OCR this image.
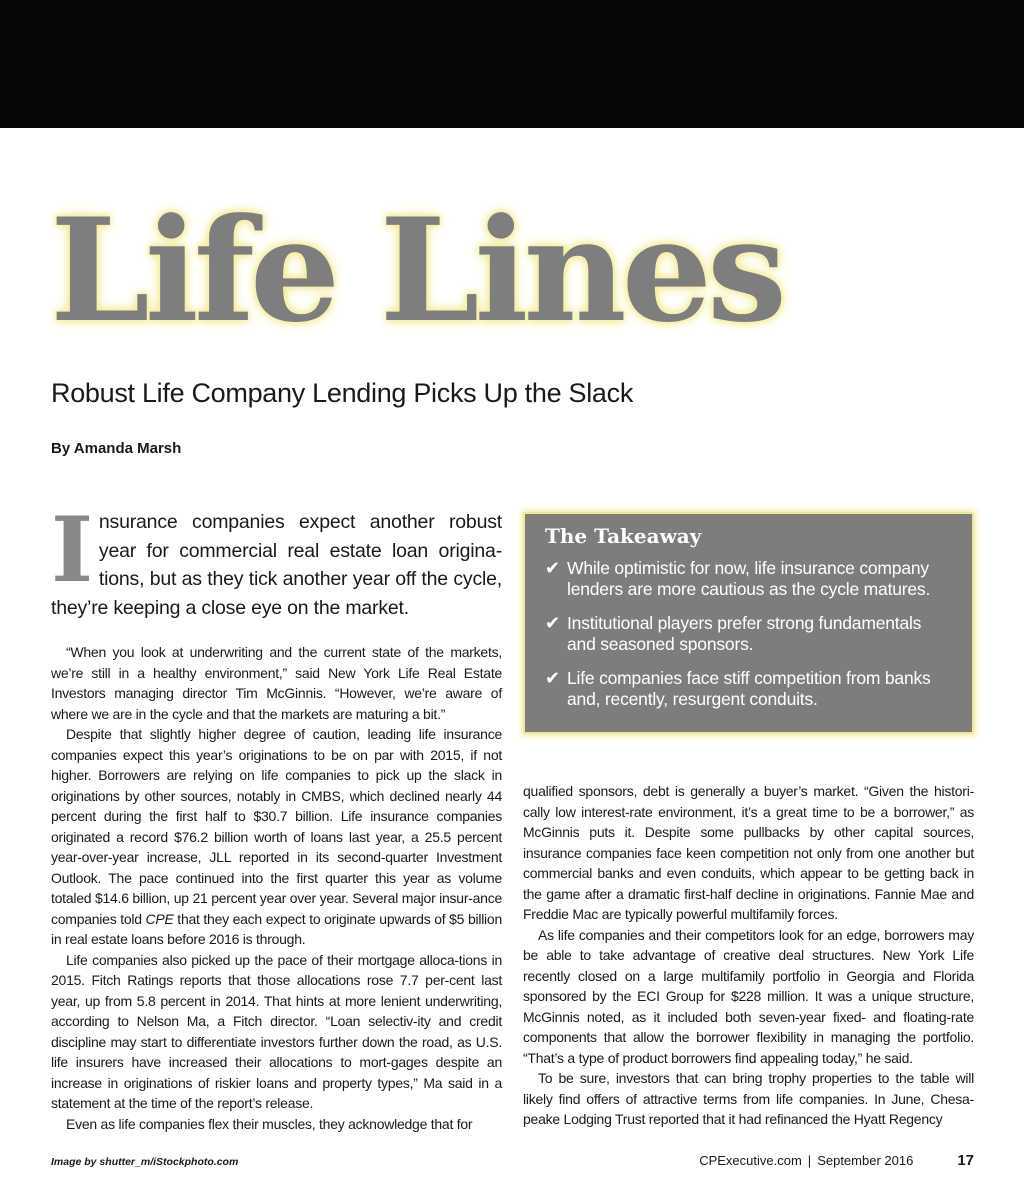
Life Lines
Robust Life Company Lending Picks Up the Slack
By Amanda Marsh

Insurance companies expect another robust year for commercial real estate loan origina-tions, but as they tick another year off the cycle, they’re keeping a close eye on the market.

“When you look at underwriting and the current state of the markets, we’re still in a healthy environment,” said New York Life Real Estate Investors managing director Tim McGinnis. “However, we’re aware of where we are in the cycle and that the markets are maturing a bit.”

Despite that slightly higher degree of caution, leading life insurance companies expect this year’s originations to be on par with 2015, if not higher. Borrowers are relying on life companies to pick up the slack in originations by other sources, notably in CMBS, which declined nearly 44 percent during the first half to $30.7 billion. Life insurance companies originated a record $76.2 billion worth of loans last year, a 25.5 percent year-over-year increase, JLL reported in its second-quarter Investment Outlook. The pace continued into the first quarter this year as volume totaled $14.6 billion, up 21 percent year over year. Several major insur-ance companies told CPE that they each expect to originate upwards of $5 billion in real estate loans before 2016 is through.

Life companies also picked up the pace of their mortgage alloca-tions in 2015. Fitch Ratings reports that those allocations rose 7.7 per-cent last year, up from 5.8 percent in 2014. That hints at more lenient underwriting, according to Nelson Ma, a Fitch director. “Loan selectiv-ity and credit discipline may start to differentiate investors further down the road, as U.S. life insurers have increased their allocations to mort-gages despite an increase in originations of riskier loans and property types,” Ma said in a statement at the time of the report’s release.

Even as life companies flex their muscles, they acknowledge that for

The Takeaway
✔ While optimistic for now, life insurance company lenders are more cautious as the cycle matures.
✔ Institutional players prefer strong fundamentals and seasoned sponsors.
✔ Life companies face stiff competition from banks and, recently, resurgent conduits.

qualified sponsors, debt is generally a buyer’s market. “Given the histori-cally low interest-rate environment, it’s a great time to be a borrower,” as McGinnis puts it. Despite some pullbacks by other capital sources, insurance companies face keen competition not only from one another but commercial banks and even conduits, which appear to be getting back in the game after a dramatic first-half decline in originations. Fannie Mae and Freddie Mac are typically powerful multifamily forces.

As life companies and their competitors look for an edge, borrowers may be able to take advantage of creative deal structures. New York Life recently closed on a large multifamily portfolio in Georgia and Florida sponsored by the ECI Group for $228 million. It was a unique structure, McGinnis noted, as it included both seven-year fixed- and floating-rate components that allow the borrower flexibility in managing the portfolio. “That’s a type of product borrowers find appealing today,” he said.

To be sure, investors that can bring trophy properties to the table will likely find offers of attractive terms from life companies. In June, Chesa-peake Lodging Trust reported that it had refinanced the Hyatt Regency

Image by shutter_m/iStockphoto.com	CPExecutive.com | September 2016	17
